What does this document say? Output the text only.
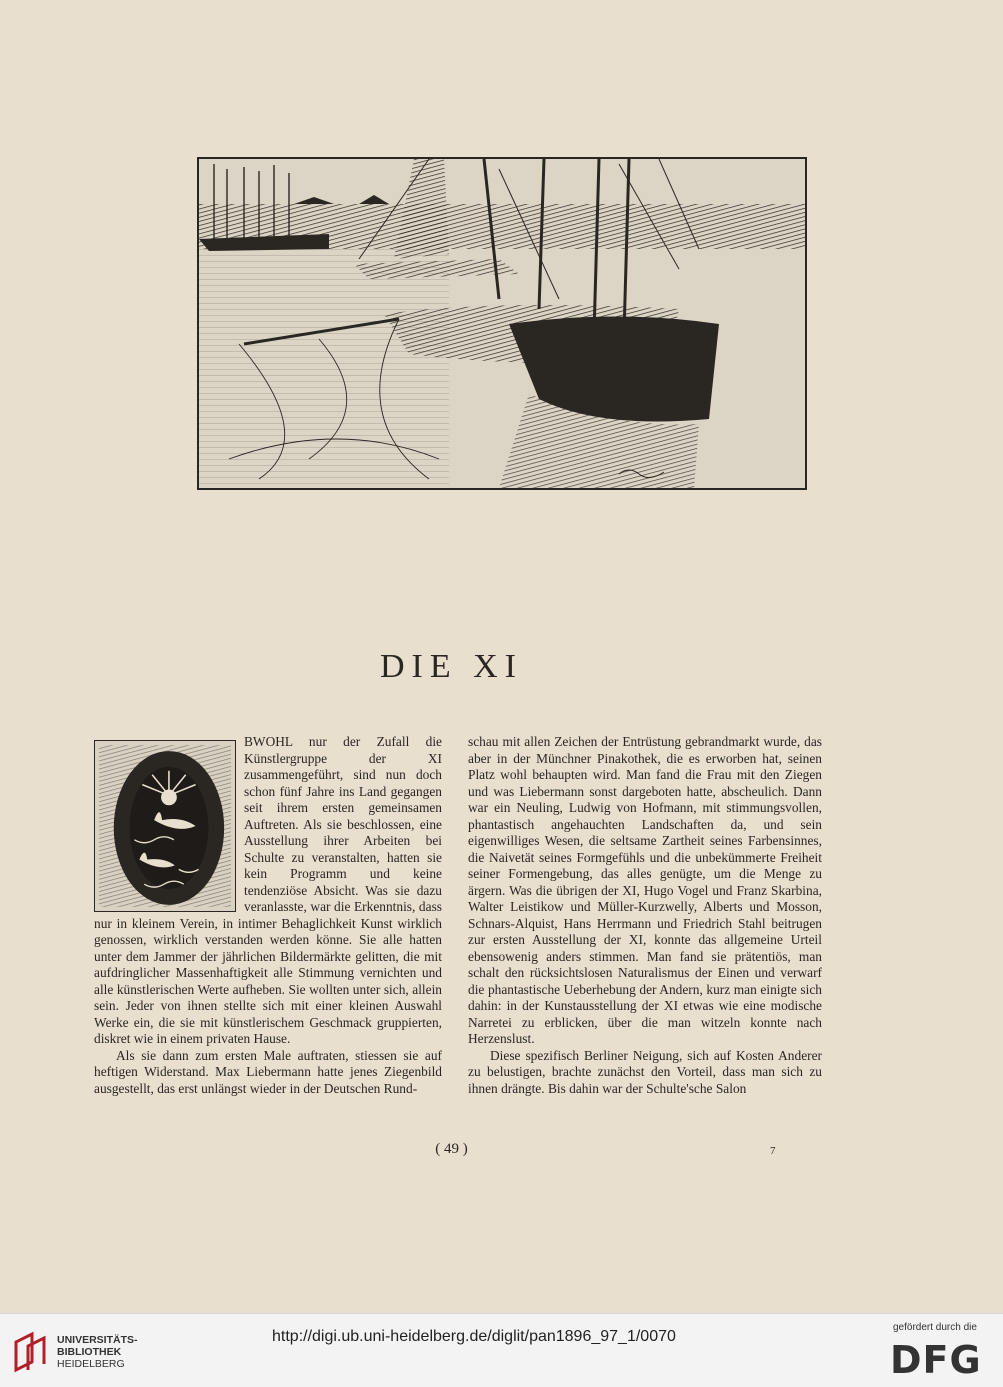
DIE XI

BWOHL nur der Zufall die Künstlergruppe der XI zusammengeführt, sind nun doch schon fünf Jahre ins Land gegangen seit ihrem ersten gemeinsamen Auftreten. Als sie beschlossen, eine Ausstellung ihrer Arbeiten bei Schulte zu veranstalten, hatten sie kein Programm und keine tendenziöse Absicht. Was sie dazu veranlasste, war die Erkenntnis, dass nur in kleinem Verein, in intimer Behaglichkeit Kunst wirklich genossen, wirklich verstanden werden könne. Sie alle hatten unter dem Jammer der jährlichen Bildermärkte gelitten, die mit aufdringlicher Massenhaftigkeit alle Stimmung vernichten und alle künstlerischen Werte aufheben. Sie wollten unter sich, allein sein. Jeder von ihnen stellte sich mit einer kleinen Auswahl Werke ein, die sie mit künstlerischem Geschmack gruppierten, diskret wie in einem privaten Hause.

Als sie dann zum ersten Male auftraten, stiessen sie auf heftigen Widerstand. Max Liebermann hatte jenes Ziegenbild ausgestellt, das erst unlängst wieder in der Deutschen Rund-

schau mit allen Zeichen der Entrüstung gebrandmarkt wurde, das aber in der Münchner Pinakothek, die es erworben hat, seinen Platz wohl behaupten wird. Man fand die Frau mit den Ziegen und was Liebermann sonst dargeboten hatte, abscheulich. Dann war ein Neuling, Ludwig von Hofmann, mit stimmungsvollen, phantastisch angehauchten Landschaften da, und sein eigenwilliges Wesen, die seltsame Zartheit seines Farbensinnes, die Naivetät seines Formgefühls und die unbekümmerte Freiheit seiner Formengebung, das alles genügte, um die Menge zu ärgern. Was die übrigen der XI, Hugo Vogel und Franz Skarbina, Walter Leistikow und Müller-Kurzwelly, Alberts und Mosson, Schnars-Alquist, Hans Herrmann und Friedrich Stahl beitrugen zur ersten Ausstellung der XI, konnte das allgemeine Urteil ebensowenig anders stimmen. Man fand sie prätentiös, man schalt den rücksichtslosen Naturalismus der Einen und verwarf die phantastische Ueberhebung der Andern, kurz man einigte sich dahin: in der Kunstausstellung der XI etwas wie eine modische Narretei zu erblicken, über die man witzeln konnte nach Herzenslust.

Diese spezifisch Berliner Neigung, sich auf Kosten Anderer zu belustigen, brachte zunächst den Vorteil, dass man sich zu ihnen drängte. Bis dahin war der Schulte'sche Salon

( 49 )	7
UNIVERSITÄTS-
BIBLIOTHEK
HEIDELBERG
http://digi.ub.uni-heidelberg.de/diglit/pan1896_97_1/0070
gefördert durch die
DFG
